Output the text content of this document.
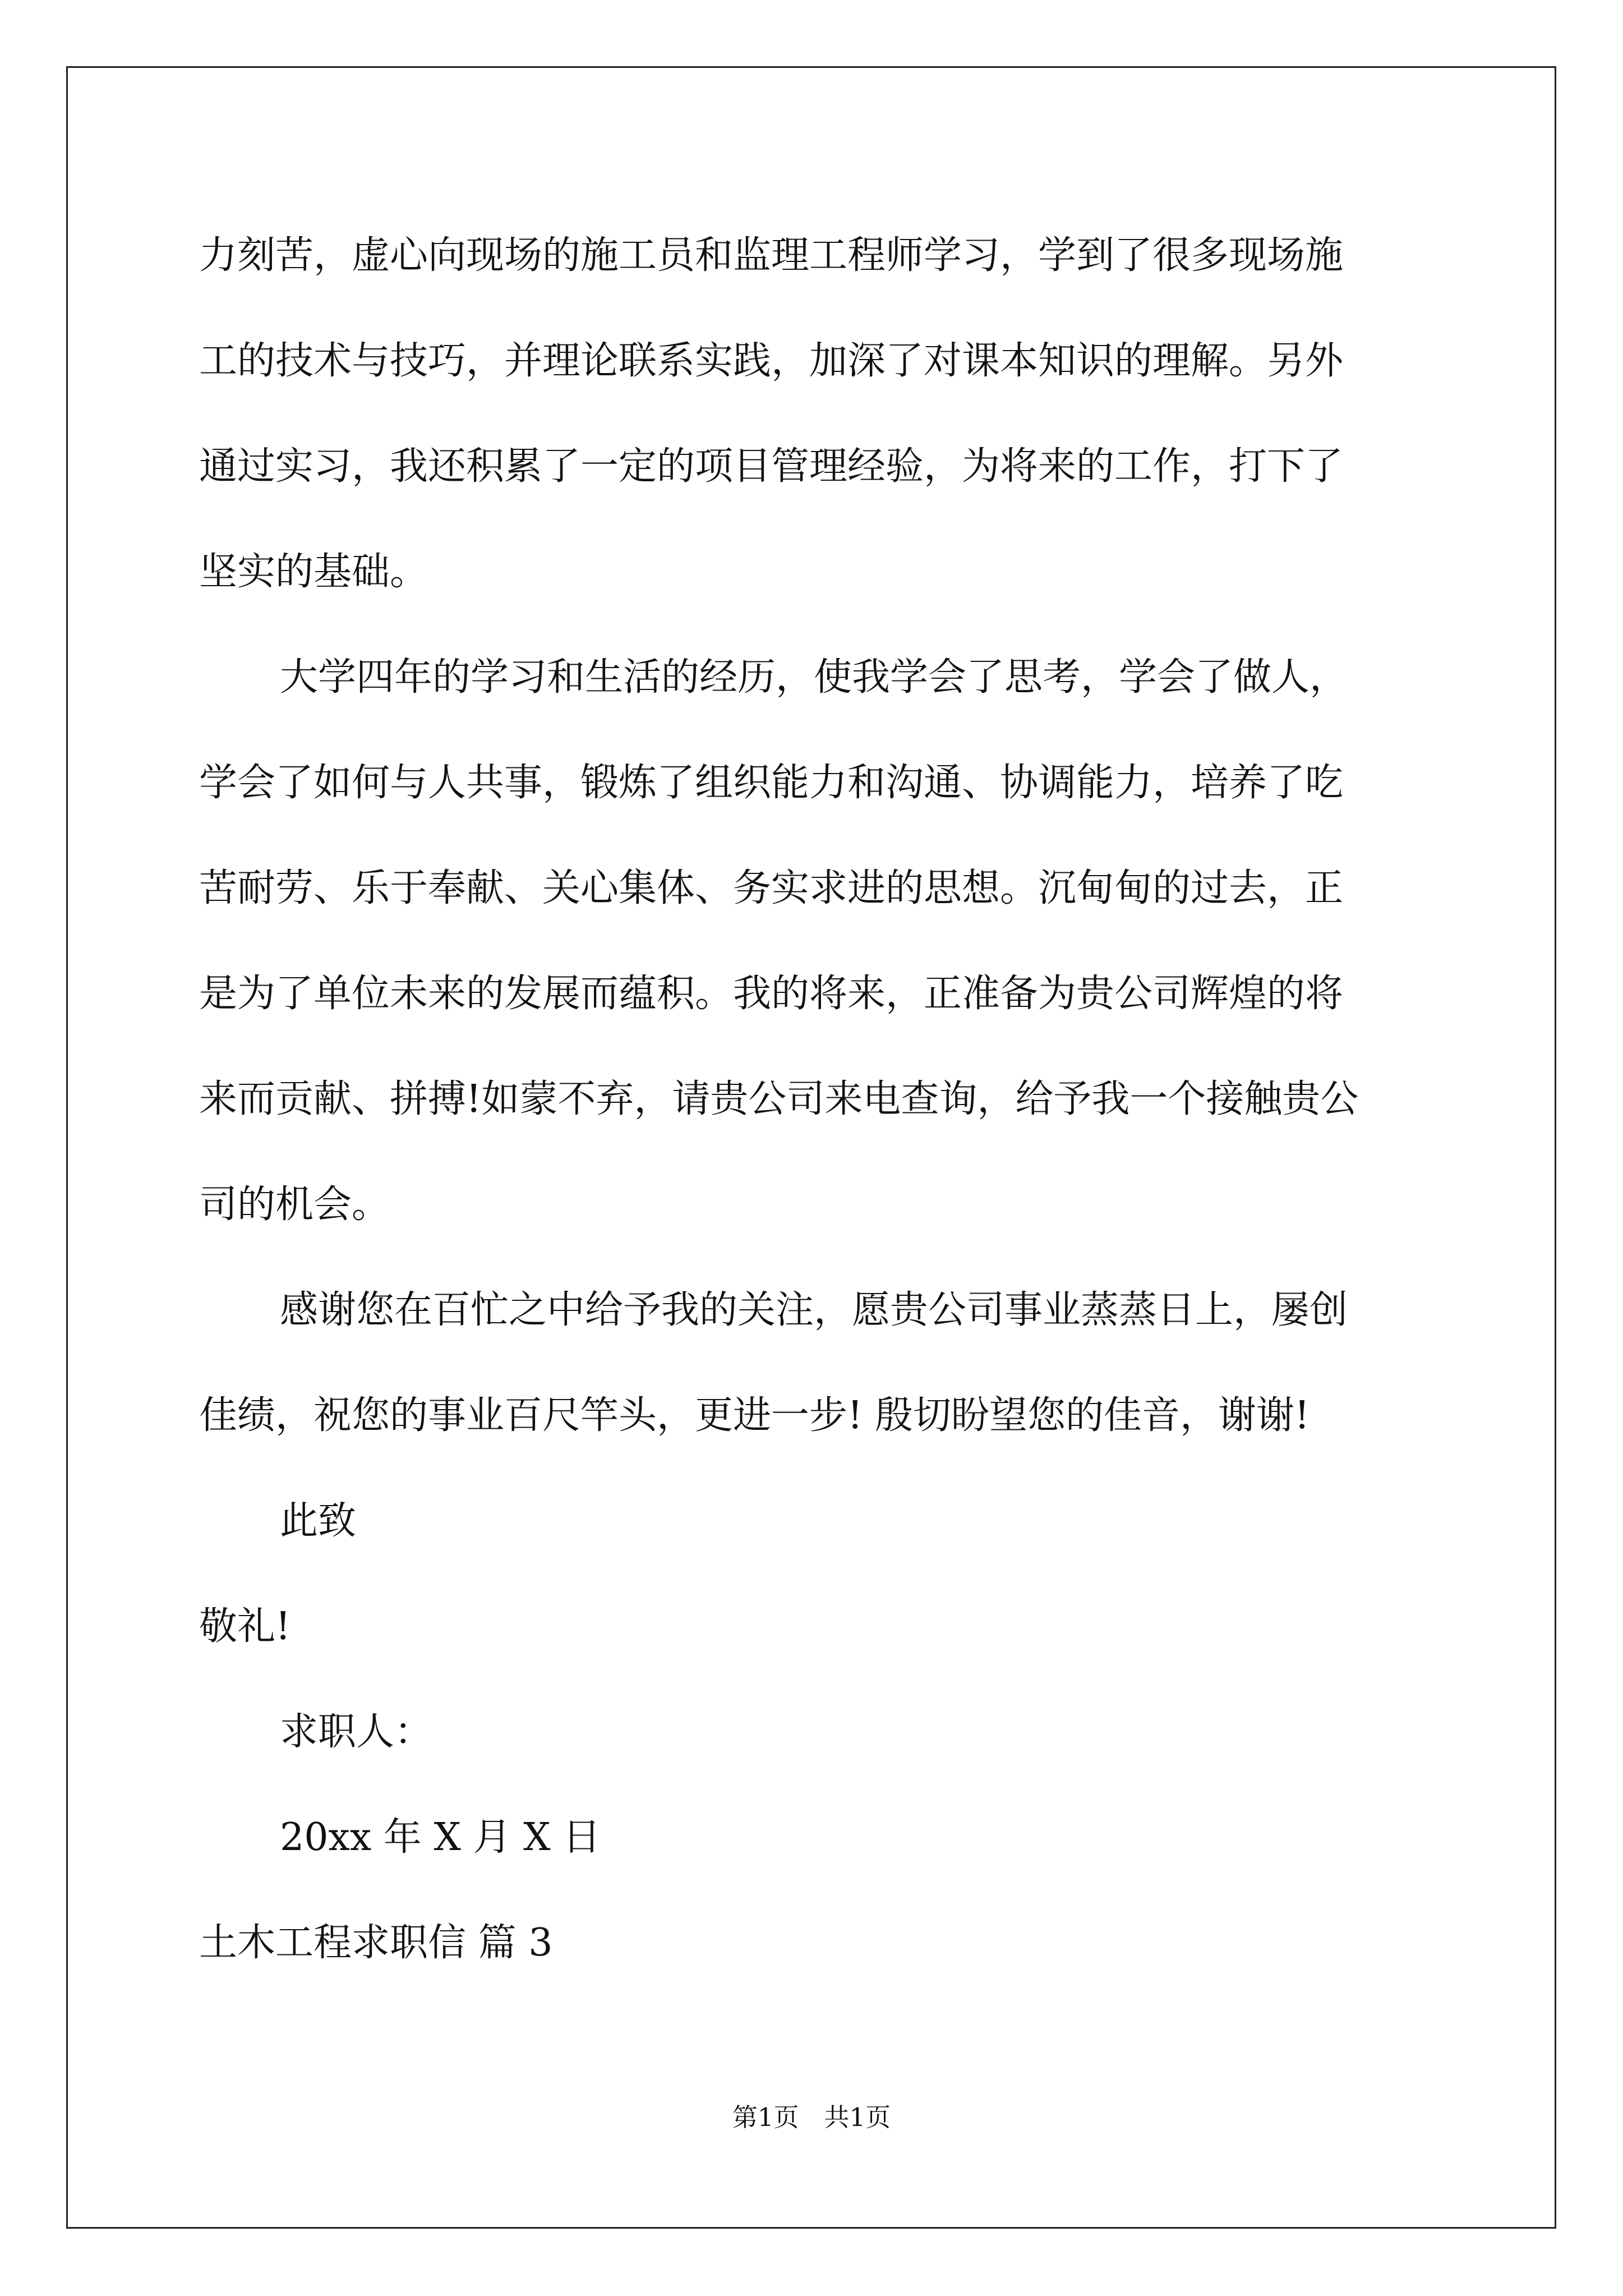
力刻苦，虚心向现场的施工员和监理工程师学习，学到了很多现场施
工的技术与技巧，并理论联系实践，加深了对课本知识的理解。另外
通过实习，我还积累了一定的项目管理经验，为将来的工作，打下了
坚实的基础。
大学四年的学习和生活的经历，使我学会了思考，学会了做人，
学会了如何与人共事，锻炼了组织能力和沟通、协调能力，培养了吃
苦耐劳、乐于奉献、关心集体、务实求进的思想。沉甸甸的过去，正
是为了单位未来的发展而蕴积。我的将来，正准备为贵公司辉煌的将
来而贡献、拼搏!如蒙不弃，请贵公司来电查询，给予我一个接触贵公
司的机会。
感谢您在百忙之中给予我的关注，愿贵公司事业蒸蒸日上，屡创
佳绩，祝您的事业百尺竿头，更进一步! 殷切盼望您的佳音，谢谢!
此致
敬礼!
求职人：
20xx 年 X 月 X 日
土木工程求职信 篇 3
第1页　共1页
